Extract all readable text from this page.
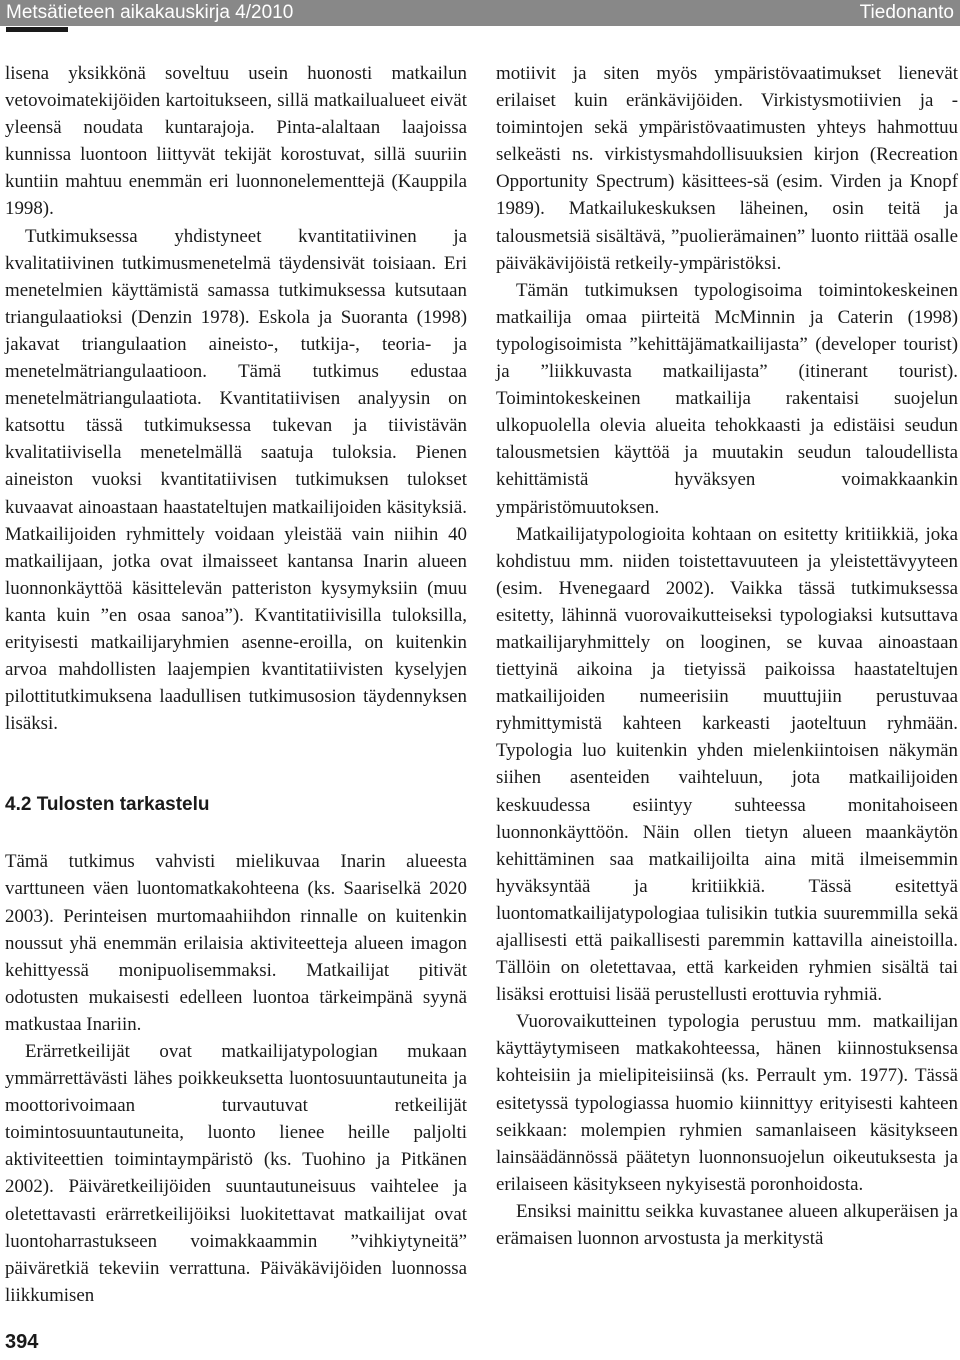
Metsätieteen aikakauskirja 4/2010	Tiedonanto

lisena yksikkönä soveltuu usein huonosti matkailun vetovoimatekijöiden kartoitukseen, sillä matkailualueet eivät yleensä noudata kuntarajoja. Pinta-alaltaan laajoissa kunnissa luontoon liittyvät tekijät korostuvat, sillä suuriin kuntiin mahtuu enemmän eri luonnonelementtejä (Kauppila 1998).

Tutkimuksessa yhdistyneet kvantitatiivinen ja kvalitatiivinen tutkimusmenetelmä täydensivät toisiaan. Eri menetelmien käyttämistä samassa tutkimuksessa kutsutaan triangulaatioksi (Denzin 1978). Eskola ja Suoranta (1998) jakavat triangulaation aineisto-, tutkija-, teoria- ja menetelmätriangulaatioon. Tämä tutkimus edustaa menetelmätriangulaatiota. Kvantitatiivisen analyysin on katsottu tässä tutkimuksessa tukevan ja tiivistävän kvalitatiivisella menetelmällä saatuja tuloksia. Pienen aineiston vuoksi kvantitatiivisen tutkimuksen tulokset kuvaavat ainoastaan haastateltujen matkailijoiden käsityksiä. Matkailijoiden ryhmittely voidaan yleistää vain niihin 40 matkailijaan, jotka ovat ilmaisseet kantansa Inarin alueen luonnonkäyttöä käsittelevän patteriston kysymyksiin (muu kanta kuin ”en osaa sanoa”). Kvantitatiivisilla tuloksilla, erityisesti matkailijaryhmien asenne-eroilla, on kuitenkin arvoa mahdollisten laajempien kvantitatiivisten kyselyjen pilottitutkimuksena laadullisen tutkimusosion täydennyksen lisäksi.

4.2 Tulosten tarkastelu

Tämä tutkimus vahvisti mielikuvaa Inarin alueesta varttuneen väen luontomatkakohteena (ks. Saariselkä 2020 2003). Perinteisen murtomaahiihdon rinnalle on kuitenkin noussut yhä enemmän erilaisia aktiviteetteja alueen imagon kehittyessä monipuolisemmaksi. Matkailijat pitivät odotusten mukaisesti edelleen luontoa tärkeimpänä syynä matkustaa Inariin.

Erärretkeilijät ovat matkailijatypologian mukaan ymmärrettävästi lähes poikkeuksetta luontosuuntautuneita ja moottorivoimaan turvautuvat retkeilijät toimintosuuntautuneita, luonto lienee heille paljolti aktiviteettien toimintaympäristö (ks. Tuohino ja Pitkänen 2002). Päiväretkeilijöiden suuntautuneisuus vaihtelee ja oletettavasti erärretkeilijöiksi luokitettavat matkailijat ovat luontoharrastukseen voimakkaammin ”vihkiytyneitä” päiväretkiä tekeviin verrattuna. Päiväkävijöiden luonnossa liikkumisen

motiivit ja siten myös ympäristövaatimukset lienevät erilaiset kuin eränkävijöiden. Virkistysmotiivien ja -toimintojen sekä ympäristövaatimusten yhteys hahmottuu selkeästi ns. virkistysmahdollisuuksien kirjon (Recreation Opportunity Spectrum) käsittees-sä (esim. Virden ja Knopf 1989). Matkailukeskuksen läheinen, osin teitä ja talousmetsiä sisältävä, ”puolierämainen” luonto riittää osalle päiväkävijöistä retkeily-ympäristöksi.

Tämän tutkimuksen typologisoima toimintokeskeinen matkailija omaa piirteitä McMinnin ja Caterin (1998) typologisoimista ”kehittäjämatkailijasta” (developer tourist) ja ”liikkuvasta matkailijasta” (itinerant tourist). Toimintokeskeinen matkailija rakentaisi suojelun ulkopuolella olevia alueita tehokkaasti ja edistäisi seudun talousmetsien käyttöä ja muutakin seudun taloudellista kehittämistä hyväksyen voimakkaankin ympäristömuutoksen.

Matkailijatypologioita kohtaan on esitetty kritiikkiä, joka kohdistuu mm. niiden toistettavuuteen ja yleistettävyyteen (esim. Hvenegaard 2002). Vaikka tässä tutkimuksessa esitetty, lähinnä vuorovaikutteiseksi typologiaksi kutsuttava matkailijaryhmittely on looginen, se kuvaa ainoastaan tiettyinä aikoina ja tietyissä paikoissa haastateltujen matkailijoiden numeerisiin muuttujiin perustuvaa ryhmittymistä kahteen karkeasti jaoteltuun ryhmään. Typologia luo kuitenkin yhden mielenkiintoisen näkymän siihen asenteiden vaihteluun, jota matkailijoiden keskuudessa esiintyy suhteessa monitahoiseen luonnonkäyttöön. Näin ollen tietyn alueen maankäytön kehittäminen saa matkailijoilta aina mitä ilmeisemmin hyväksyntää ja kritiikkiä. Tässä esitettyä luontomatkailijatypologiaa tulisikin tutkia suuremmilla sekä ajallisesti että paikallisesti paremmin kattavilla aineistoilla. Tällöin on oletettavaa, että karkeiden ryhmien sisältä tai lisäksi erottuisi lisää perustellusti erottuvia ryhmiä.

Vuorovaikutteinen typologia perustuu mm. matkailijan käyttäytymiseen matkakohteessa, hänen kiinnostuksensa kohteisiin ja mielipiteisiinsä (ks. Perrault ym. 1977). Tässä esitetyssä typologiassa huomio kiinnittyy erityisesti kahteen seikkaan: molempien ryhmien samanlaiseen käsitykseen lainsäädännössä päätetyn luonnonsuojelun oikeutuksesta ja erilaiseen käsitykseen nykyisestä poronhoidosta.

Ensiksi mainittu seikka kuvastanee alueen alkuperäisen ja erämaisen luonnon arvostusta ja merkitystä

394
